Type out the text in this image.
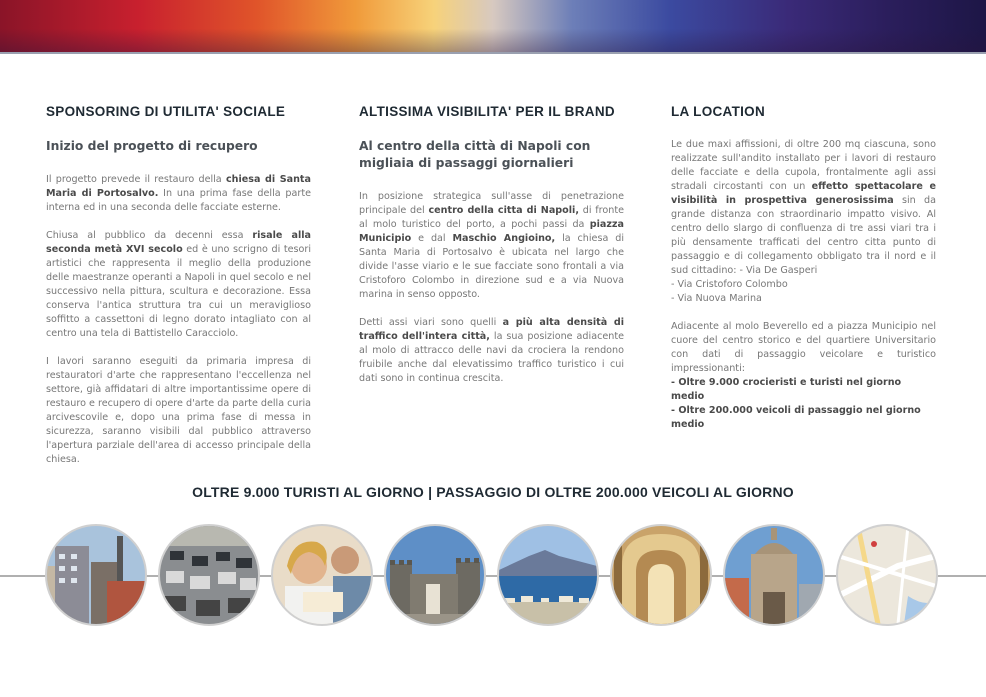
SPONSORING DI UTILITA' SOCIALE
Inizio del progetto di recupero

Il progetto prevede il restauro della chiesa di Santa Maria di Portosalvo. In una prima fase della parte interna ed in una seconda delle facciate esterne.

Chiusa al pubblico da decenni essa risale alla seconda metà XVI secolo ed è uno scrigno di tesori artistici che rappresenta il meglio della produzione delle maestranze operanti a Napoli in quel secolo e nel successivo nella pittura, scultura e decorazione. Essa conserva l'antica struttura tra cui un meraviglioso soffitto a cassettoni di legno dorato intagliato con al centro una tela di Battistello Caracciolo.

I lavori saranno eseguiti da primaria impresa di restauratori d'arte che rappresentano l'eccellenza nel settore, già affidatari di altre importantissime opere di restauro e recupero di opere d'arte da parte della curia arcivescovile e, dopo una prima fase di messa in sicurezza, saranno visibili dal pubblico attraverso l'apertura parziale dell'area di accesso principale della chiesa.

ALTISSIMA VISIBILITA' PER IL BRAND
Al centro della città di Napoli con migliaia di passaggi giornalieri

In posizione strategica sull'asse di penetrazione principale del centro della citta di Napoli, di fronte al molo turistico del porto, a pochi passi da piazza Municipio e dal Maschio Angioino, la chiesa di Santa Maria di Portosalvo è ubicata nel largo che divide l'asse viario e le sue facciate sono frontali a via Cristoforo Colombo in direzione sud e a via Nuova marina in senso opposto.

Detti assi viari sono quelli a più alta densità di traffico dell'intera città, la sua posizione adiacente al molo di attracco delle navi da crociera la rendono fruibile anche dal elevatissimo traffico turistico i cui dati sono in continua crescita.

LA LOCATION

Le due maxi affissioni, di oltre 200 mq ciascuna, sono realizzate sull'andito installato per i lavori di restauro delle facciate e della cupola, frontalmente agli assi stradali circostanti con un effetto spettacolare e visibilità in prospettiva generosissima sin da grande distanza con straordinario impatto visivo. Al centro dello slargo di confluenza di tre assi viari tra i più densamente trafficati del centro citta punto di passaggio e di collegamento obbligato tra il nord e il sud cittadino: - Via De Gasperi
- Via Cristoforo Colombo
- Via Nuova Marina

Adiacente al molo Beverello ed a piazza Municipio nel cuore del centro storico e del quartiere Universitario con dati di passaggio veicolare e turistico impressionanti:
- Oltre 9.000 crocieristi e turisti nel giorno medio
- Oltre 200.000 veicoli di passaggio nel giorno medio

OLTRE 9.000 TURISTI AL GIORNO | PASSAGGIO DI OLTRE 200.000 VEICOLI AL GIORNO
